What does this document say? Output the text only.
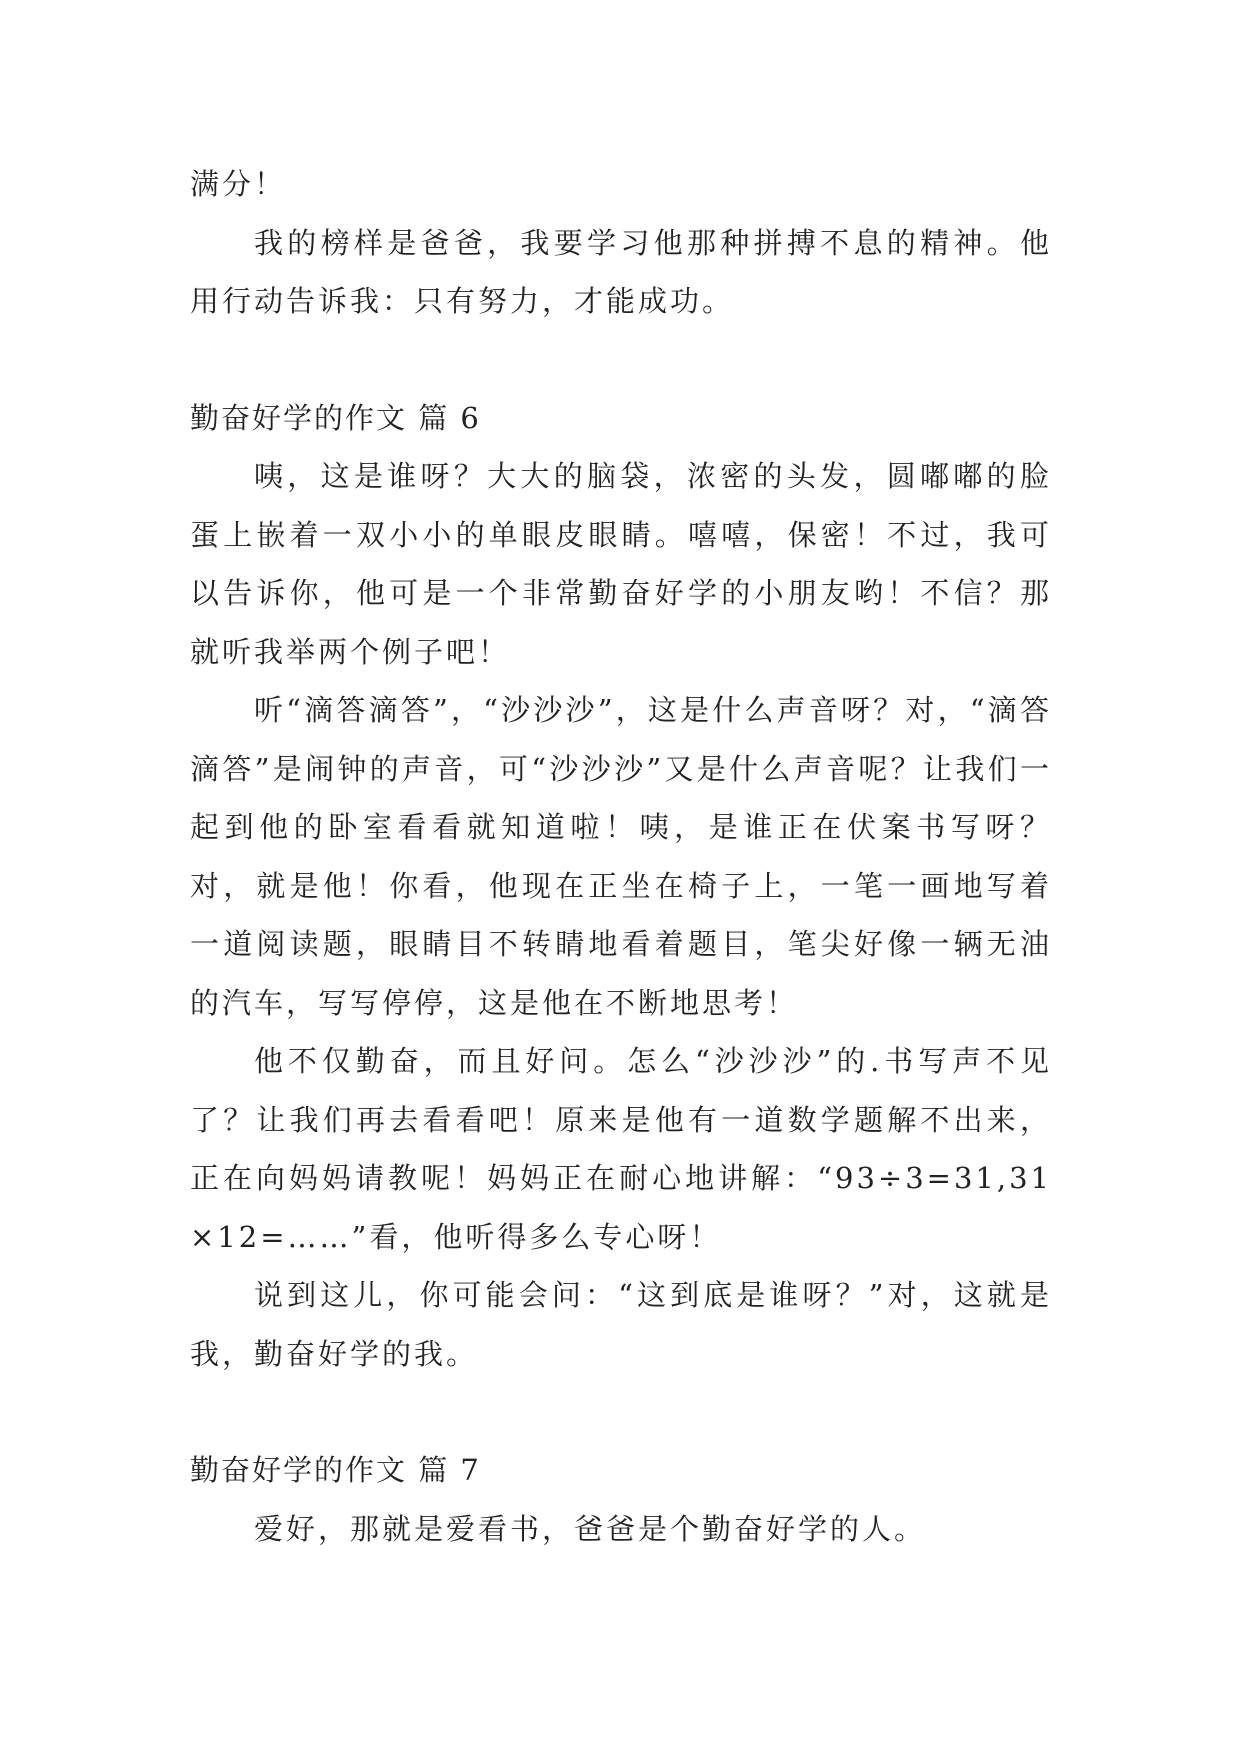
满分！

我的榜样是爸爸，我要学习他那种拼搏不息的精神。他用行动告诉我：只有努力，才能成功。

勤奋好学的作文 篇 6

咦，这是谁呀？大大的脑袋，浓密的头发，圆嘟嘟的脸蛋上嵌着一双小小的单眼皮眼睛。嘻嘻，保密！不过，我可以告诉你，他可是一个非常勤奋好学的小朋友哟！不信？那就听我举两个例子吧！

听“滴答滴答”，“沙沙沙”，这是什么声音呀？对，“滴答滴答”是闹钟的声音，可“沙沙沙”又是什么声音呢？让我们一起到他的卧室看看就知道啦！咦，是谁正在伏案书写呀？对，就是他！你看，他现在正坐在椅子上，一笔一画地写着一道阅读题，眼睛目不转睛地看着题目，笔尖好像一辆无油的汽车，写写停停，这是他在不断地思考！

他不仅勤奋，而且好问。怎么“沙沙沙”的.书写声不见了？让我们再去看看吧！原来是他有一道数学题解不出来，正在向妈妈请教呢！妈妈正在耐心地讲解：“93÷3=31,31×12=……”看，他听得多么专心呀！

说到这儿，你可能会问：“这到底是谁呀？”对，这就是我，勤奋好学的我。

勤奋好学的作文 篇 7

爱好，那就是爱看书，爸爸是个勤奋好学的人。
